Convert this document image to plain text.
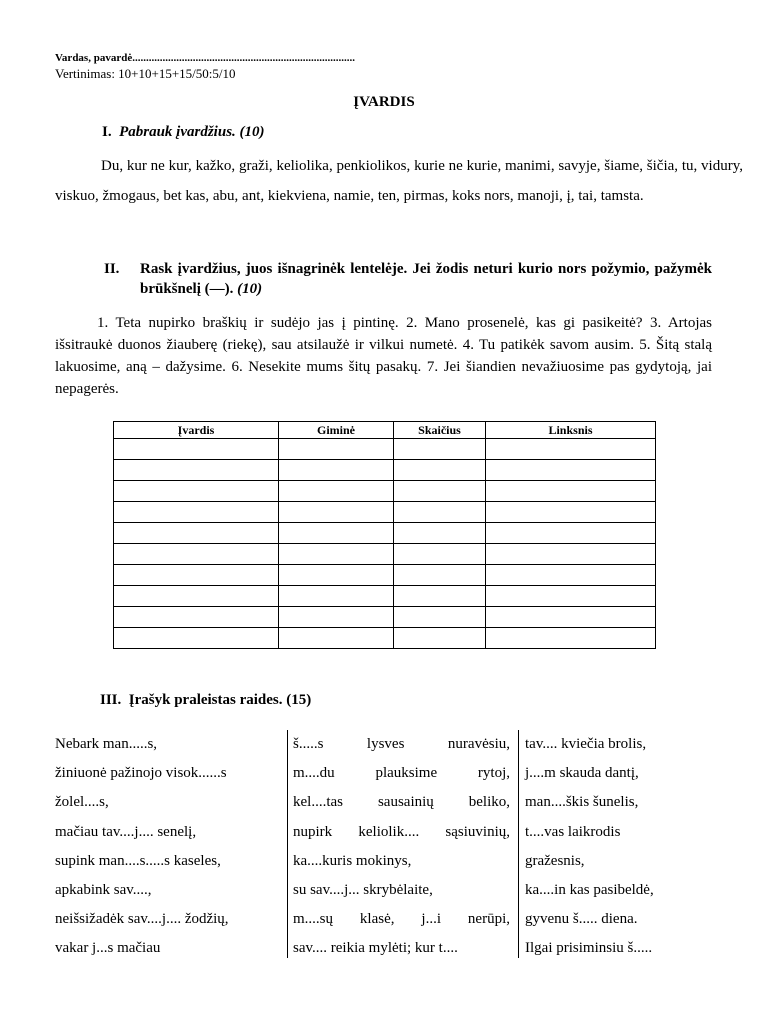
Vardas, pavardė.................................................................................
Vertinimas: 10+10+15+15/50:5/10
ĮVARDIS
I. Pabrauk įvardžius. (10)
Du, kur ne kur, kažko, graži, keliolika, penkiolikos, kurie ne kurie, manimi, savyje, šiame, šičia, tu, vidury, viskuo, žmogaus, bet kas, abu, ant, kiekviena, namie, ten, pirmas, koks nors, manoji, į, tai, tamsta.
II.	Rask įvardžius, juos išnagrinėk lentelėje. Jei žodis neturi kurio nors požymio, pažymėk brūkšnelį (—). (10)
1. Teta nupirko braškių ir sudėjo jas į pintinę. 2. Mano prosenelė, kas gi pasikeitė? 3. Artojas išsitraukė duonos žiauberę (riekę), sau atsilaužė ir vilkui numetė. 4. Tu patikėk savom ausim. 5. Šitą stalą lakuosime, aną – dažysime. 6. Nesekite mums šitų pasakų. 7. Jei šiandien nevažiuosime pas gydytoją, jai nepagerės.
Įvardis	Giminė	Skaičius	Linksnis

III. Įrašyk praleistas raides. (15)
Nebark man.....s,
žiniuonė pažinojo visok......s
žolel....s,
mačiau tav....j.... senelį,
supink man....s.....s kaseles,
apkabink sav....,
neišsižadėk sav....j.... žodžių,
vakar j...s mačiau
š.....s lysves nuravėsiu,
m....du plauksime rytoj,
kel....tas sausainių beliko,
nupirk keliolik.... sąsiuvinių,
ka....kuris mokinys,
su sav....j... skrybėlaite,
m....sų klasė, j...i nerūpi,
sav.... reikia mylėti; kur t....
tav.... kviečia brolis,
j....m skauda dantį,
man....škis šunelis,
t....vas laikrodis
gražesnis,
ka....in kas pasibeldė,
gyvenu š..... diena.
Ilgai prisiminsiu š.....
